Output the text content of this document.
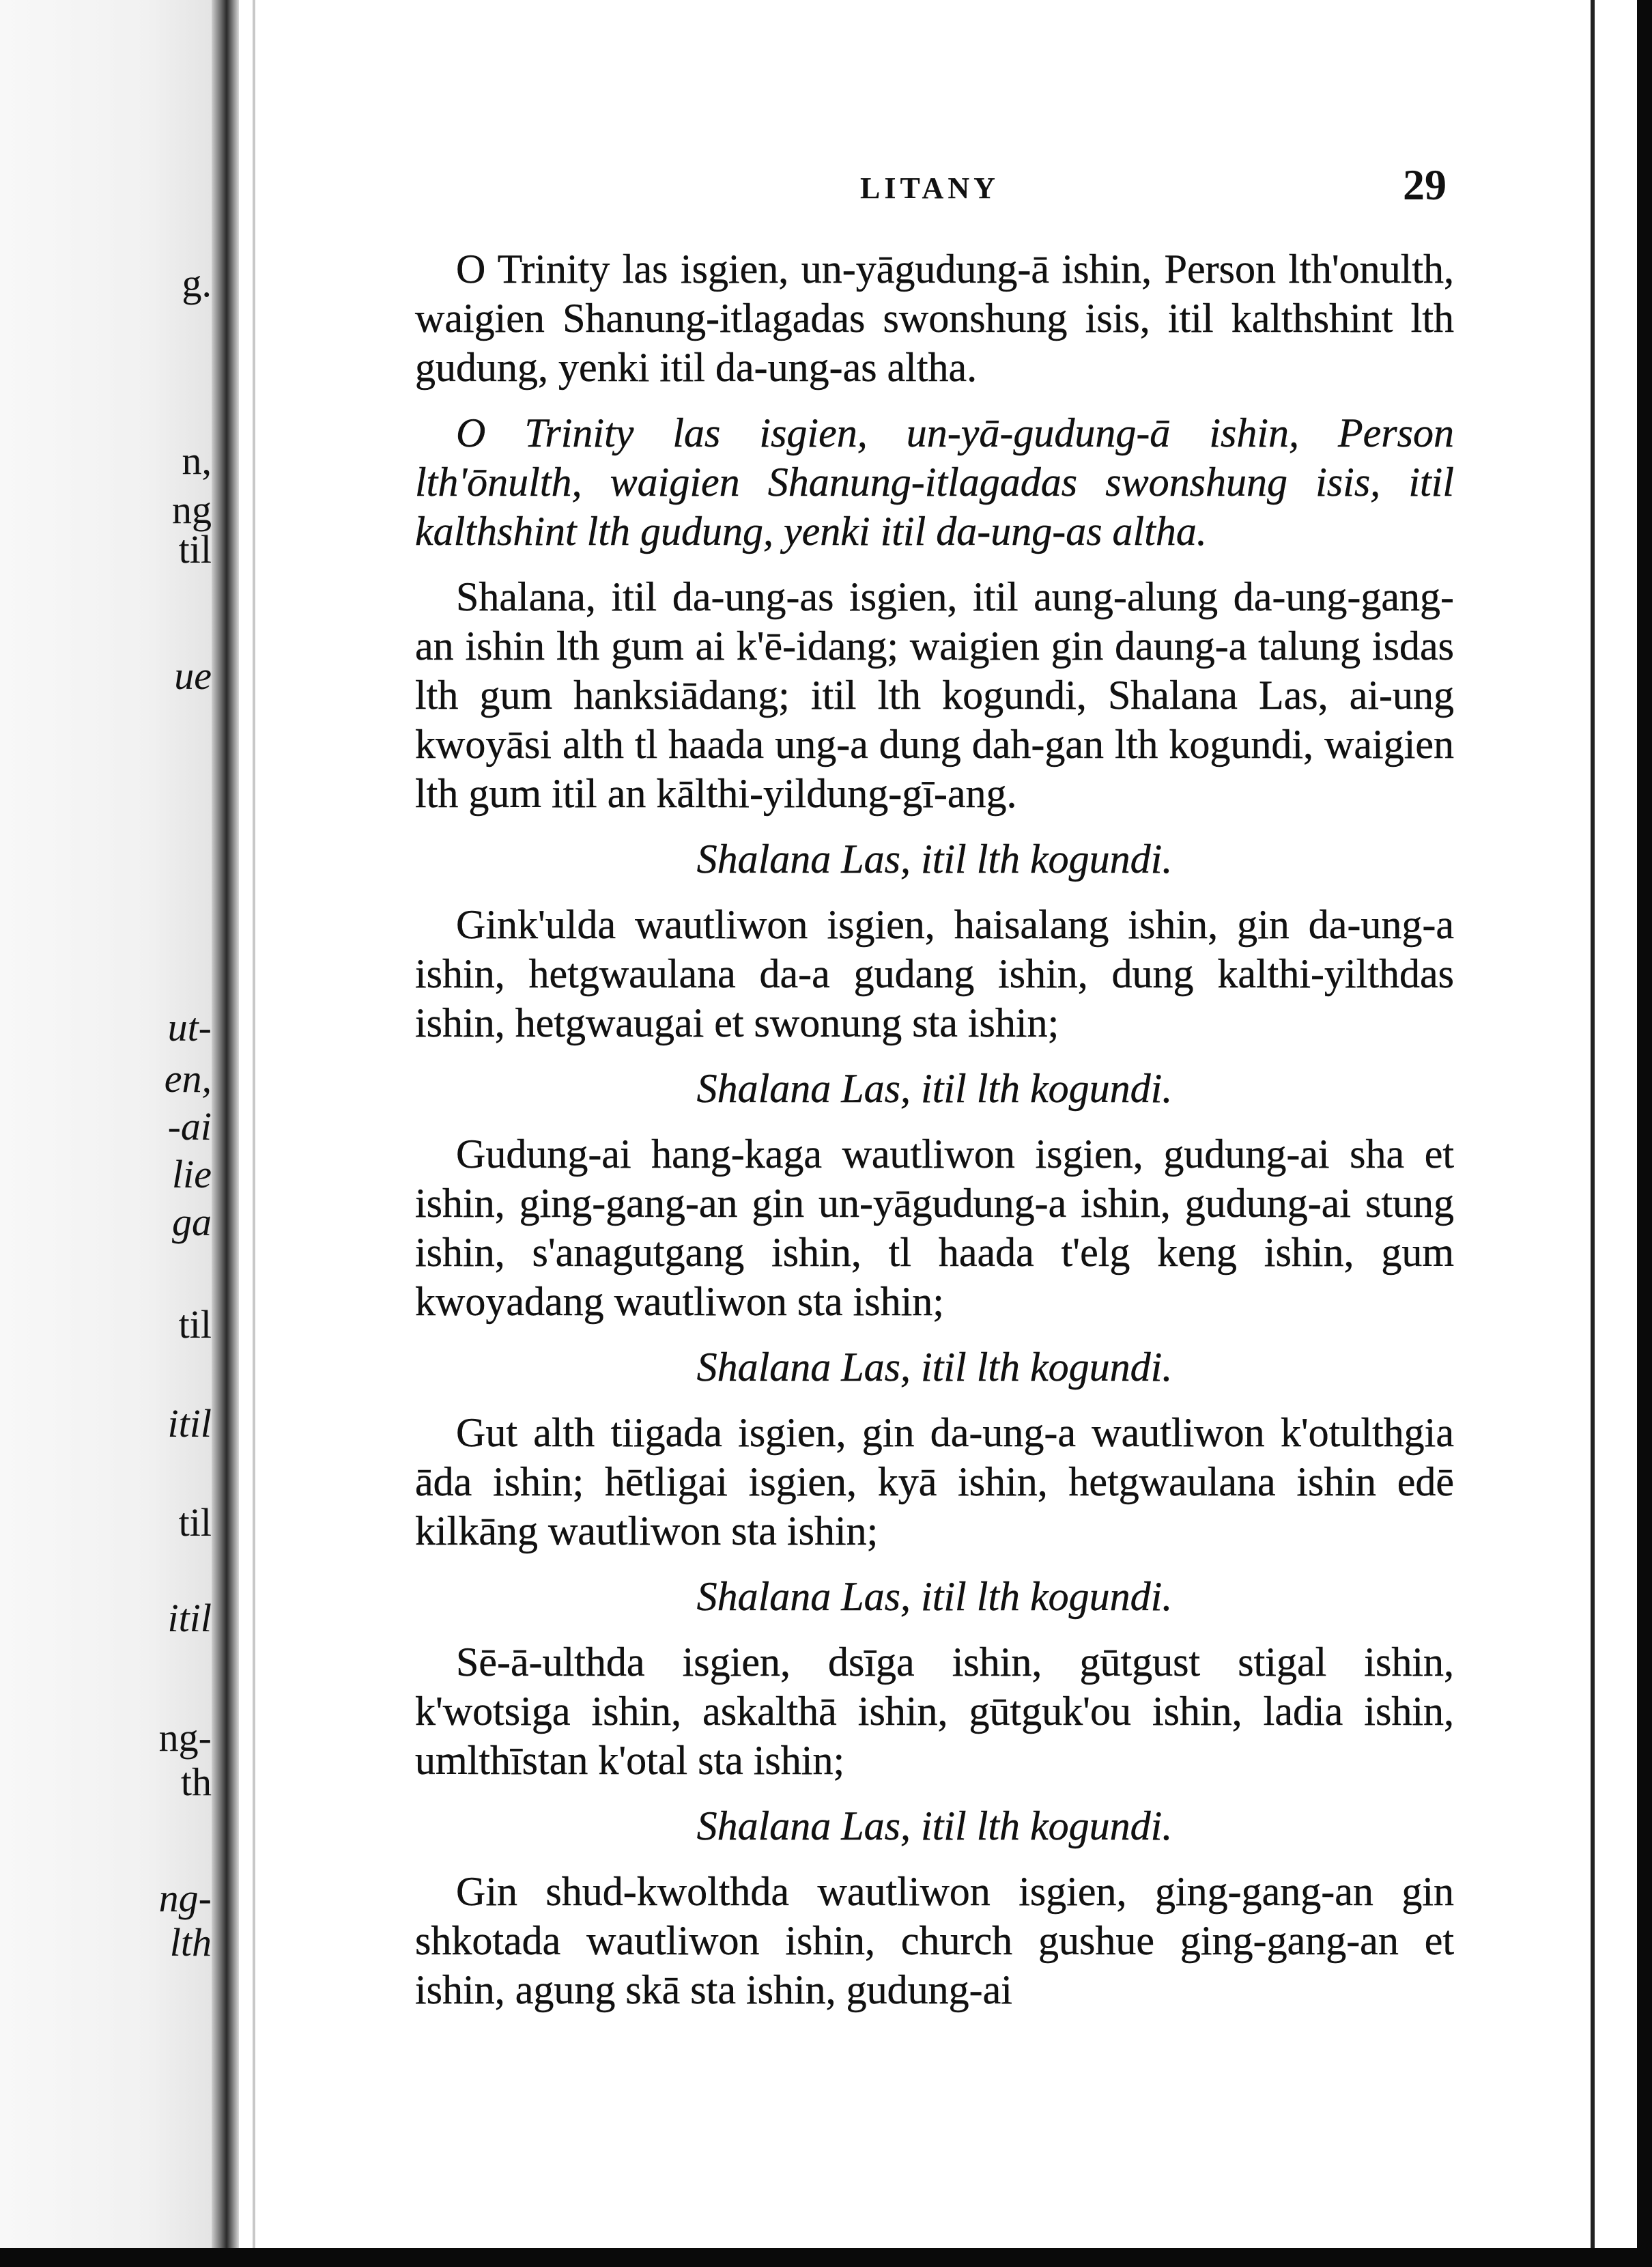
g.
n,
ng
til
ue
ut-
en,
-ai
lie
ga
til
itil
til
itil
ng-
th
ng-
lth
LITANY	29

O Trinity las isgien, un-yāgudung-ā ishin, Person lth'onulth, waigien Shanung-itlagadas swonshung isis, itil kalthshint lth gudung, yenki itil da-ung-as altha.

O Trinity las isgien, un-yā-gudung-ā ishin, Person lth'ōnulth, waigien Shanung-itlagadas swonshung isis, itil kalthshint lth gudung, yenki itil da-ung-as altha.

Shalana, itil da-ung-as isgien, itil aung-alung da-ung-gang-an ishin lth gum ai k'ē-idang; waigien gin daung-a talung isdas lth gum hanksiādang; itil lth kogundi, Shalana Las, ai-ung kwoyāsi alth tl haada ung-a dung dah-gan lth kogundi, waigien lth gum itil an kālthi-yildung-gī-ang.

Shalana Las, itil lth kogundi.

Gink'ulda wautliwon isgien, haisalang ishin, gin da-ung-a ishin, hetgwaulana da-a gudang ishin, dung kalthi-yilthdas ishin, hetgwaugai et swonung sta ishin;

Shalana Las, itil lth kogundi.

Gudung-ai hang-kaga wautliwon isgien, gudung-ai sha et ishin, ging-gang-an gin un-yāgudung-a ishin, gudung-ai stung ishin, s'anagutgang ishin, tl haada t'elg keng ishin, gum kwoyadang wautliwon sta ishin;

Shalana Las, itil lth kogundi.

Gut alth tiigada isgien, gin da-ung-a wautliwon k'otulthgia āda ishin; hētligai isgien, kyā ishin, hetgwaulana ishin edē kilkāng wautliwon sta ishin;

Shalana Las, itil lth kogundi.

Sē-ā-ulthda isgien, dsīga ishin, gūtgust stigal ishin, k'wotsiga ishin, askalthā ishin, gūtguk'ou ishin, ladia ishin, umlthīstan k'otal sta ishin;

Shalana Las, itil lth kogundi.

Gin shud-kwolthda wautliwon isgien, ging-gang-an gin shkotada wautliwon ishin, church gushue ging-gang-an et ishin, agung skā sta ishin, gudung-ai
